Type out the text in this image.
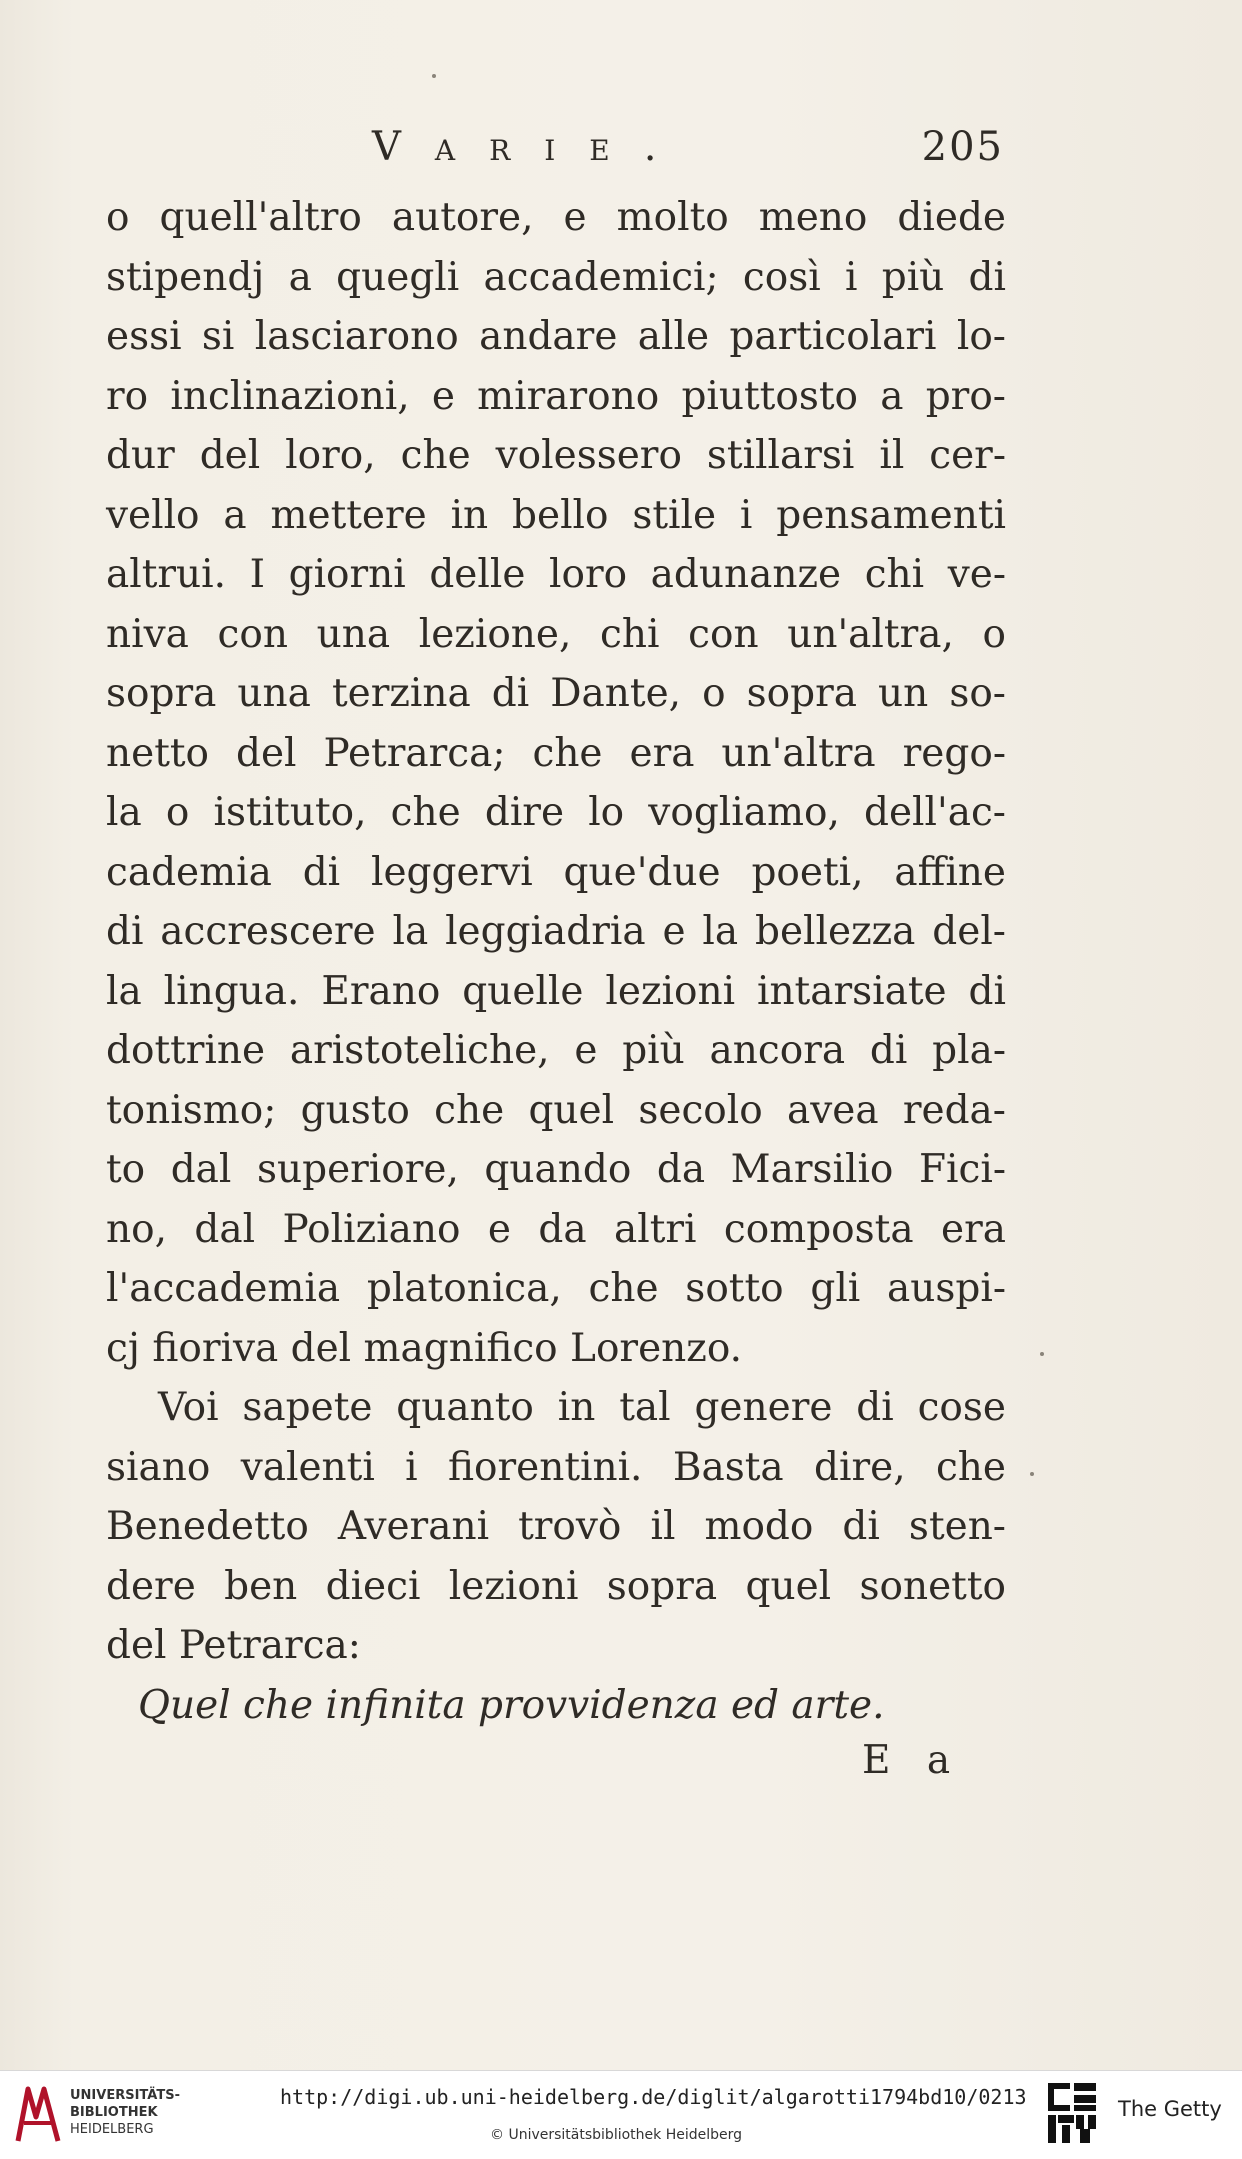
Varie.	205
o quell'altro autore, e molto meno diede
stipendj a quegli accademici; così i più di
essi si lasciarono andare alle particolari lo-
ro inclinazioni, e mirarono piuttosto a pro-
dur del loro, che volessero stillarsi il cer-
vello a mettere in bello stile i pensamenti
altrui. I giorni delle loro adunanze chi ve-
niva con una lezione, chi con un'altra, o
sopra una terzina di Dante, o sopra un so-
netto del Petrarca; che era un'altra rego-
la o istituto, che dire lo vogliamo, dell'ac-
cademia di leggervi que'due poeti, affine
di accrescere la leggiadria e la bellezza del-
la lingua. Erano quelle lezioni intarsiate di
dottrine aristoteliche, e più ancora di pla-
tonismo; gusto che quel secolo avea reda-
to dal superiore, quando da Marsilio Fici-
no, dal Poliziano e da altri composta era
l'accademia platonica, che sotto gli auspi-
cj fioriva del magnifico Lorenzo.
Voi sapete quanto in tal genere di cose
siano valenti i fiorentini. Basta dire, che
Benedetto Averani trovò il modo di sten-
dere ben dieci lezioni sopra quel sonetto
del Petrarca:
Quel che infinita provvidenza ed arte.
E a
UNIVERSITÄTS-
BIBLIOTHEK
HEIDELBERG
http://digi.ub.uni-heidelberg.de/diglit/algarotti1794bd10/0213
© Universitätsbibliothek Heidelberg
The Getty
